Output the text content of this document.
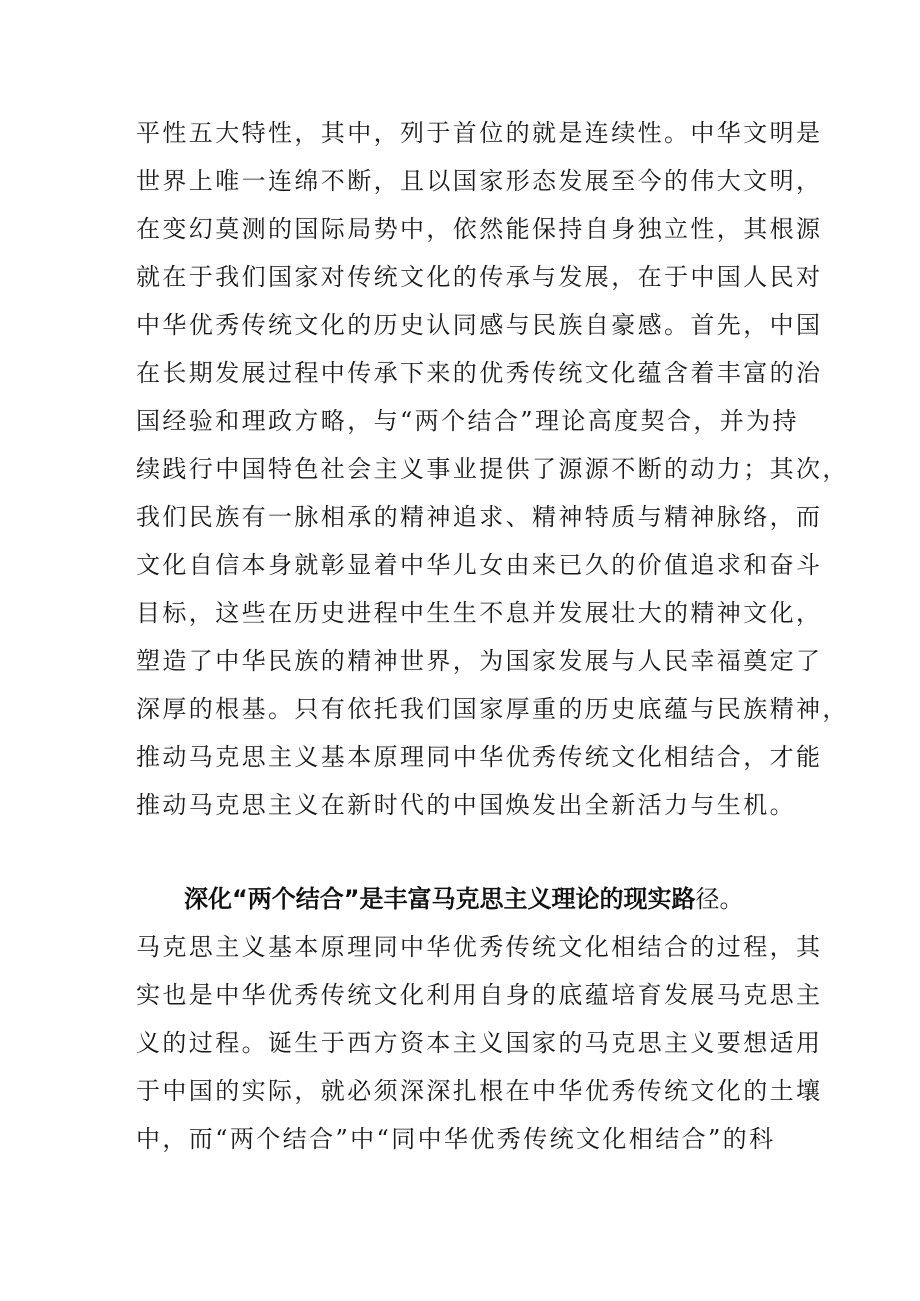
平性五大特性，其中，列于首位的就是连续性。中华文明是
世界上唯一连绵不断，且以国家形态发展至今的伟大文明，
在变幻莫测的国际局势中，依然能保持自身独立性，其根源
就在于我们国家对传统文化的传承与发展，在于中国人民对
中华优秀传统文化的历史认同感与民族自豪感。首先，中国
在长期发展过程中传承下来的优秀传统文化蕴含着丰富的治
国经验和理政方略，与“两个结合”理论高度契合，并为持
续践行中国特色社会主义事业提供了源源不断的动力；其次，
我们民族有一脉相承的精神追求、精神特质与精神脉络，而
文化自信本身就彰显着中华儿女由来已久的价值追求和奋斗
目标，这些在历史进程中生生不息并发展壮大的精神文化，
塑造了中华民族的精神世界，为国家发展与人民幸福奠定了
深厚的根基。只有依托我们国家厚重的历史底蕴与民族精神，
推动马克思主义基本原理同中华优秀传统文化相结合，才能
推动马克思主义在新时代的中国焕发出全新活力与生机。
深化“两个结合”是丰富马克思主义理论的现实路径。
马克思主义基本原理同中华优秀传统文化相结合的过程，其
实也是中华优秀传统文化利用自身的底蕴培育发展马克思主
义的过程。诞生于西方资本主义国家的马克思主义要想适用
于中国的实际，就必须深深扎根在中华优秀传统文化的土壤
中，而“两个结合”中“同中华优秀传统文化相结合”的科
